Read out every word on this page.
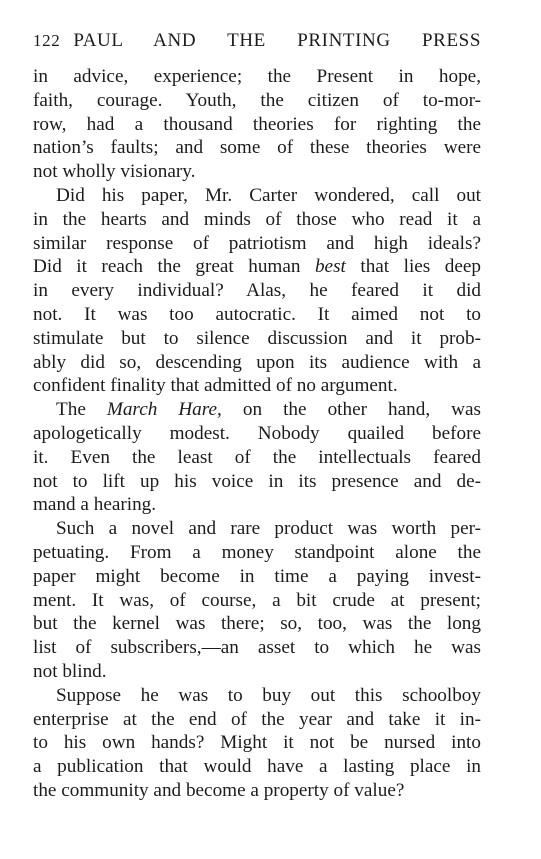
122 PAUL AND THE PRINTING PRESS
in advice, experience; the Present in hope,
faith, courage. Youth, the citizen of to-mor-
row, had a thousand theories for righting the
nation’s faults; and some of these theories were
not wholly visionary.
Did his paper, Mr. Carter wondered, call out
in the hearts and minds of those who read it a
similar response of patriotism and high ideals?
Did it reach the great human best that lies deep
in every individual? Alas, he feared it did
not. It was too autocratic. It aimed not to
stimulate but to silence discussion and it prob-
ably did so, descending upon its audience with a
confident finality that admitted of no argument.
The March Hare, on the other hand, was
apologetically modest. Nobody quailed before
it. Even the least of the intellectuals feared
not to lift up his voice in its presence and de-
mand a hearing.
Such a novel and rare product was worth per-
petuating. From a money standpoint alone the
paper might become in time a paying invest-
ment. It was, of course, a bit crude at present;
but the kernel was there; so, too, was the long
list of subscribers,—an asset to which he was
not blind.
Suppose he was to buy out this schoolboy
enterprise at the end of the year and take it in-
to his own hands? Might it not be nursed into
a publication that would have a lasting place in
the community and become a property of value?
